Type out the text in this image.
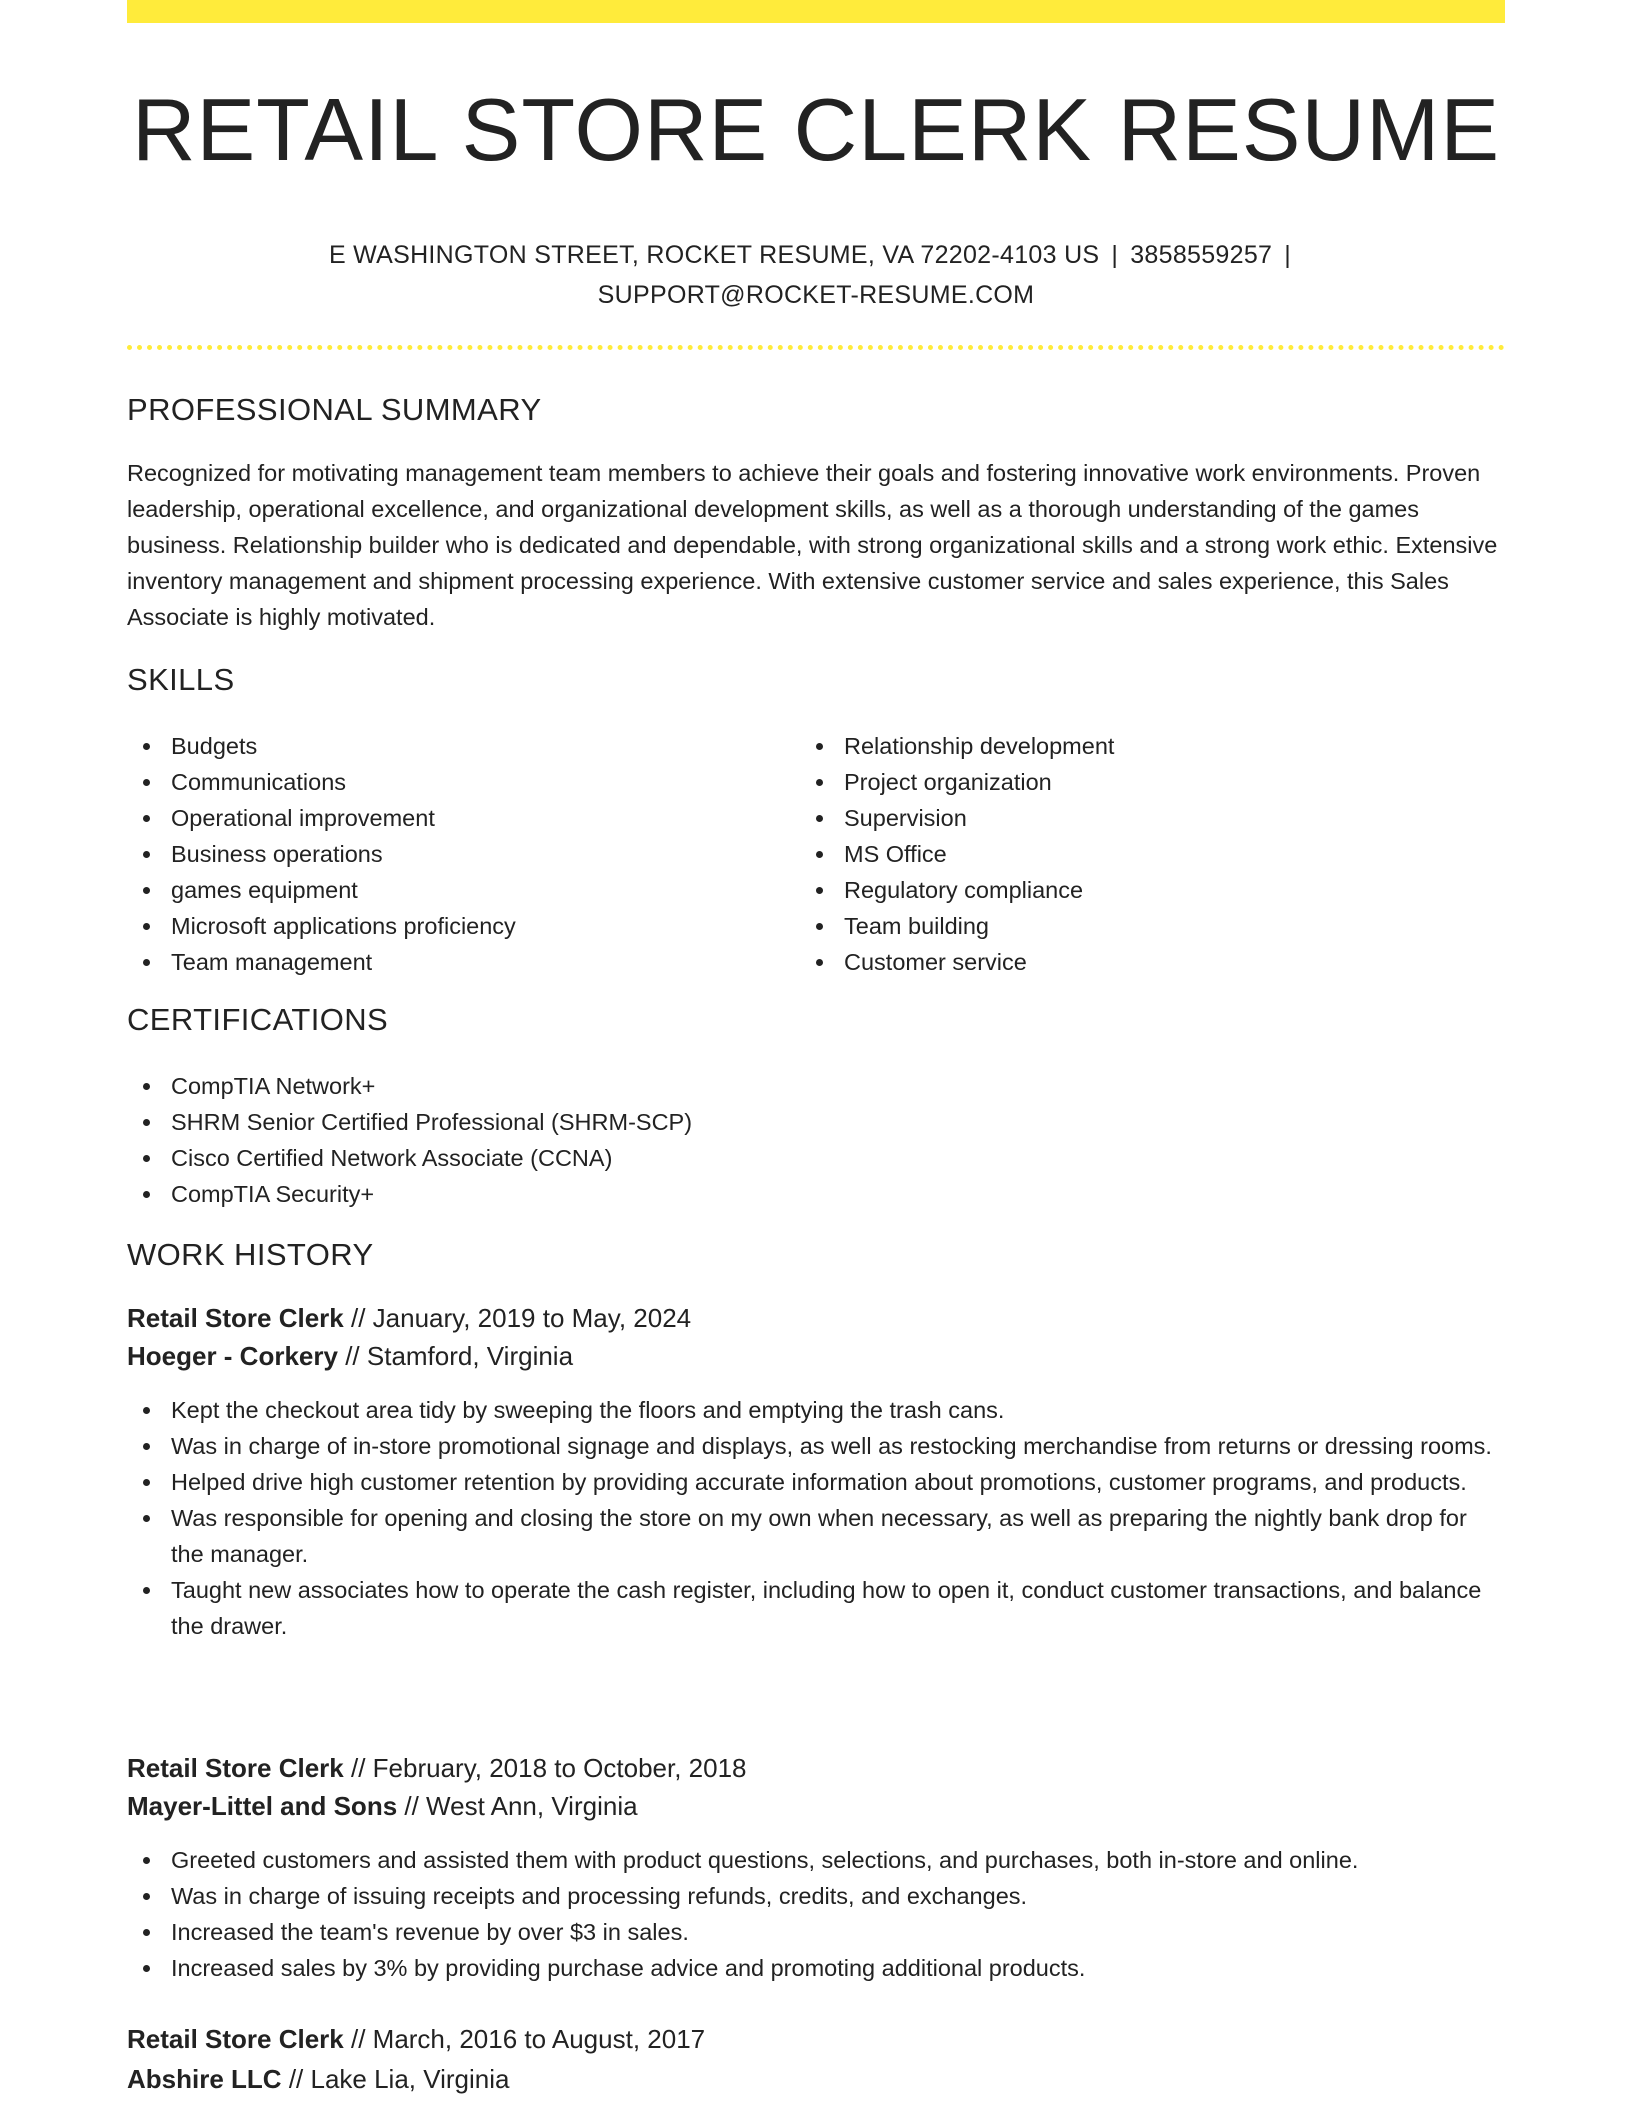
RETAIL STORE CLERK RESUME

E WASHINGTON STREET, ROCKET RESUME, VA 72202-4103 US | 3858559257 |
SUPPORT@ROCKET-RESUME.COM

PROFESSIONAL SUMMARY

Recognized for motivating management team members to achieve their goals and fostering innovative work environments. Proven leadership, operational excellence, and organizational development skills, as well as a thorough understanding of the games business. Relationship builder who is dedicated and dependable, with strong organizational skills and a strong work ethic. Extensive inventory management and shipment processing experience. With extensive customer service and sales experience, this Sales Associate is highly motivated.

SKILLS
Budgets
Communications
Operational improvement
Business operations
games equipment
Microsoft applications proficiency
Team management
Relationship development
Project organization
Supervision
MS Office
Regulatory compliance
Team building
Customer service
CERTIFICATIONS
CompTIA Network+
SHRM Senior Certified Professional (SHRM-SCP)
Cisco Certified Network Associate (CCNA)
CompTIA Security+
WORK HISTORY

Retail Store Clerk // January, 2019 to May, 2024

Hoeger - Corkery // Stamford, Virginia

Kept the checkout area tidy by sweeping the floors and emptying the trash cans.
Was in charge of in-store promotional signage and displays, as well as restocking merchandise from returns or dressing rooms.
Helped drive high customer retention by providing accurate information about promotions, customer programs, and products.
Was responsible for opening and closing the store on my own when necessary, as well as preparing the nightly bank drop for the manager.
Taught new associates how to operate the cash register, including how to open it, conduct customer transactions, and balance the drawer.

Retail Store Clerk // February, 2018 to October, 2018

Mayer-Littel and Sons // West Ann, Virginia

Greeted customers and assisted them with product questions, selections, and purchases, both in-store and online.
Was in charge of issuing receipts and processing refunds, credits, and exchanges.
Increased the team's revenue by over $3 in sales.
Increased sales by 3% by providing purchase advice and promoting additional products.

Retail Store Clerk // March, 2016 to August, 2017

Abshire LLC // Lake Lia, Virginia
